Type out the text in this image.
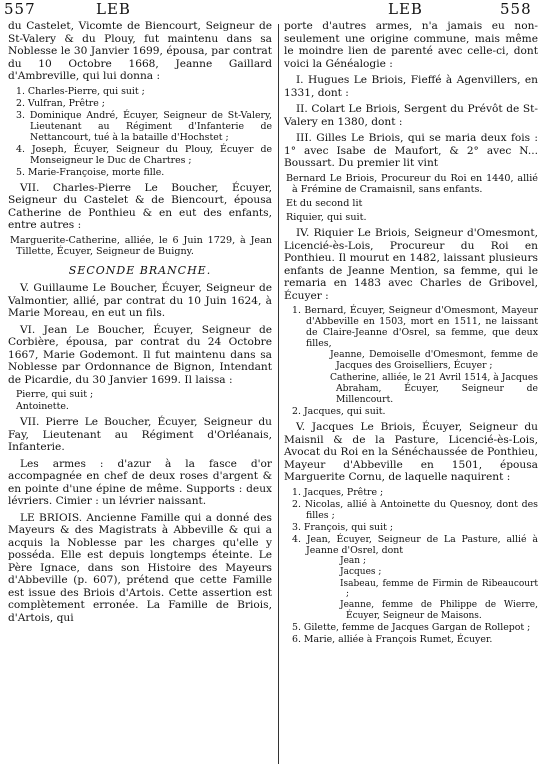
557	LEB	LEB	558

du Castelet, Vicomte de Biencourt, Seigneur de St-Valery & du Plouy, fut maintenu dans sa Noblesse le 30 Janvier 1699, épousa, par contrat du 10 Octobre 1668, Jeanne Gaillard d'Ambreville, qui lui donna :

1. Charles-Pierre, qui suit ;
2. Vulfran, Prêtre ;
3. Dominique André, Écuyer, Seigneur de St-Valery, Lieutenant au Régiment d'Infanterie de Nettancourt, tué à la bataille d'Hochstet ;
4. Joseph, Écuyer, Seigneur du Plouy, Écuyer de Monseigneur le Duc de Chartres ;
5. Marie-Françoise, morte fille.

VII. Charles-Pierre Le Boucher, Écuyer, Seigneur du Castelet & de Biencourt, épousa Catherine de Ponthieu & en eut des enfants, entre autres :

Marguerite-Catherine, alliée, le 6 Juin 1729, à Jean Tillette, Écuyer, Seigneur de Buigny.

SECONDE BRANCHE.

V. Guillaume Le Boucher, Écuyer, Seigneur de Valmontier, allié, par contrat du 10 Juin 1624, à Marie Moreau, en eut un fils.

VI. Jean Le Boucher, Écuyer, Seigneur de Corbière, épousa, par contrat du 24 Octobre 1667, Marie Godemont. Il fut maintenu dans sa Noblesse par Ordonnance de Bignon, Intendant de Picardie, du 30 Janvier 1699. Il laissa :

Pierre, qui suit ;
Antoinette.

VII. Pierre Le Boucher, Écuyer, Seigneur du Fay, Lieutenant au Régiment d'Orléanais, Infanterie.

Les armes : d'azur à la fasce d'or accompagnée en chef de deux roses d'argent & en pointe d'une épine de même. Supports : deux lévriers. Cimier : un lévrier naissant.

LE BRIOIS. Ancienne Famille qui a donné des Mayeurs & des Magistrats à Abbeville & qui a acquis la Noblesse par les charges qu'elle y posséda. Elle est depuis longtemps éteinte. Le Père Ignace, dans son Histoire des Mayeurs d'Abbeville (p. 607), prétend que cette Famille est issue des Briois d'Artois. Cette assertion est complètement erronée. La Famille de Briois, d'Artois, qui

porte d'autres armes, n'a jamais eu non-seulement une origine commune, mais même le moindre lien de parenté avec celle-ci, dont voici la Généalogie :

I. Hugues Le Briois, Fieffé à Agenvillers, en 1331, dont :

II. Colart Le Briois, Sergent du Prévôt de St-Valery en 1380, dont :

III. Gilles Le Briois, qui se maria deux fois : 1° avec Isabe de Maufort, & 2° avec N... Boussart. Du premier lit vint

Bernard Le Briois, Procureur du Roi en 1440, allié à Frémine de Cramaisnil, sans enfants.

Et du second lit

Riquier, qui suit.

IV. Riquier Le Briois, Seigneur d'Omesmont, Licencié-ès-Lois, Procureur du Roi en Ponthieu. Il mourut en 1482, laissant plusieurs enfants de Jeanne Mention, sa femme, qui le remaria en 1483 avec Charles de Gribovel, Écuyer :

1. Bernard, Écuyer, Seigneur d'Omesmont, Mayeur d'Abbeville en 1503, mort en 1511, ne laissant de Claire-Jeanne d'Osrel, sa femme, que deux filles,
Jeanne, Demoiselle d'Omesmont, femme de Jacques des Groiselliers, Écuyer ;
Catherine, alliée, le 21 Avril 1514, à Jacques Abraham, Écuyer, Seigneur de Millencourt.
2. Jacques, qui suit.

V. Jacques Le Briois, Écuyer, Seigneur du Maisnil & de la Pasture, Licencié-ès-Lois, Avocat du Roi en la Sénéchaussée de Ponthieu, Mayeur d'Abbeville en 1501, épousa Marguerite Cornu, de laquelle naquirent :

1. Jacques, Prêtre ;
2. Nicolas, allié à Antoinette du Quesnoy, dont des filles ;
3. François, qui suit ;
4. Jean, Écuyer, Seigneur de La Pasture, allié à Jeanne d'Osrel, dont
Jean ;
Jacques ;
Isabeau, femme de Firmin de Ribeaucourt ;
Jeanne, femme de Philippe de Wierre, Écuyer, Seigneur de Maisons.
5. Gilette, femme de Jacques Gargan de Rollepot ;
6. Marie, alliée à François Rumet, Écuyer.
